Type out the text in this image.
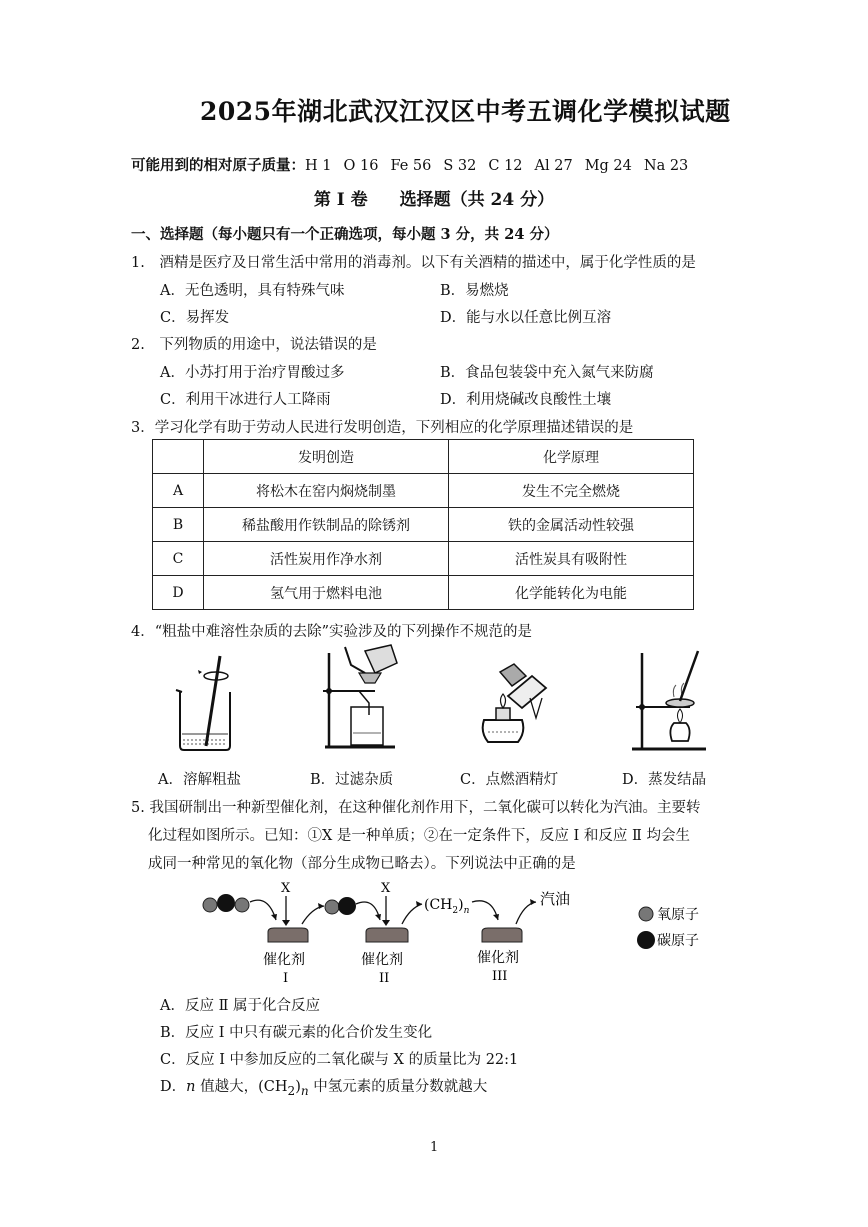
2025年湖北武汉江汉区中考五调化学模拟试题
可能用到的相对原子质量：H 1 O 16 Fe 56 S 32 C 12 Al 27 Mg 24 Na 23
第 I 卷 选择题（共 24 分）
一、选择题（每小题只有一个正确选项，每小题 3 分，共 24 分）
1.　酒精是医疗及日常生活中常用的消毒剂。以下有关酒精的描述中，属于化学性质的是
A．无色透明，具有特殊气味	B．易燃烧
C．易挥发	D．能与水以任意比例互溶
2.　下列物质的用途中，说法错误的是
A．小苏打用于治疗胃酸过多	B．食品包装袋中充入氮气来防腐
C．利用干冰进行人工降雨	D．利用烧碱改良酸性土壤
3．学习化学有助于劳动人民进行发明创造，下列相应的化学原理描述错误的是
	发明创造	化学原理
A	将松木在窑内焖烧制墨	发生不完全燃烧
B	稀盐酸用作铁制品的除锈剂	铁的金属活动性较强
C	活性炭用作净水剂	活性炭具有吸附性
D	氢气用于燃料电池	化学能转化为电能
4．“粗盐中难溶性杂质的去除”实验涉及的下列操作不规范的是
A．溶解粗盐	B．过滤杂质	C．点燃酒精灯	D．蒸发结晶
5. 我国研制出一种新型催化剂，在这种催化剂作用下，二氧化碳可以转化为汽油。主要转
化过程如图所示。已知：①X 是一种单质；②在一定条件下，反应 Ⅰ 和反应 Ⅱ 均会生
成同一种常见的氧化物（部分生成物已略去）。下列说法中正确的是
X
催化剂
I
X
催化剂
II
$(CH_2)_n$
催化剂
III
汽油
氧原子
碳原子
A．反应 Ⅱ 属于化合反应
B．反应 Ⅰ 中只有碳元素的化合价发生变化
C．反应 Ⅰ 中参加反应的二氧化碳与 X 的质量比为 22:1
D．n 值越大，$(CH_2)_n$ 中氢元素的质量分数就越大
1
